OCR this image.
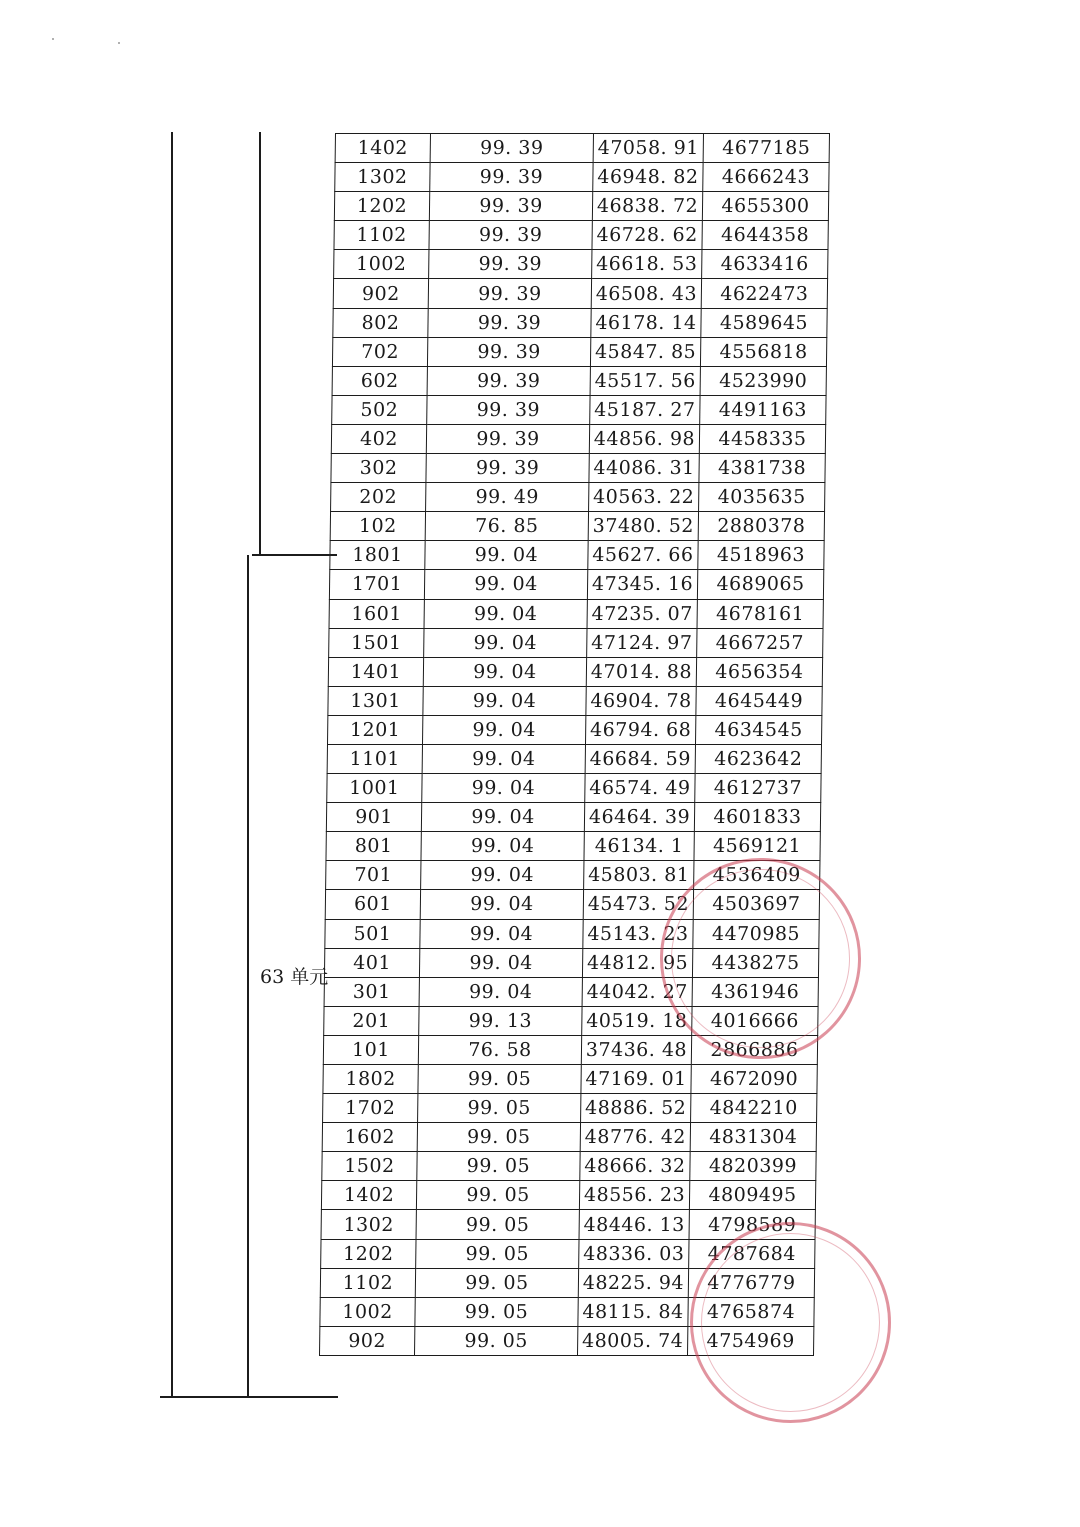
63 单元
1402	99. 39	47058. 91	4677185
1302	99. 39	46948. 82	4666243
1202	99. 39	46838. 72	4655300
1102	99. 39	46728. 62	4644358
1002	99. 39	46618. 53	4633416
902	99. 39	46508. 43	4622473
802	99. 39	46178. 14	4589645
702	99. 39	45847. 85	4556818
602	99. 39	45517. 56	4523990
502	99. 39	45187. 27	4491163
402	99. 39	44856. 98	4458335
302	99. 39	44086. 31	4381738
202	99. 49	40563. 22	4035635
102	76. 85	37480. 52	2880378
1801	99. 04	45627. 66	4518963
1701	99. 04	47345. 16	4689065
1601	99. 04	47235. 07	4678161
1501	99. 04	47124. 97	4667257
1401	99. 04	47014. 88	4656354
1301	99. 04	46904. 78	4645449
1201	99. 04	46794. 68	4634545
1101	99. 04	46684. 59	4623642
1001	99. 04	46574. 49	4612737
901	99. 04	46464. 39	4601833
801	99. 04	46134. 1	4569121
701	99. 04	45803. 81	4536409
601	99. 04	45473. 52	4503697
501	99. 04	45143. 23	4470985
401	99. 04	44812. 95	4438275
301	99. 04	44042. 27	4361946
201	99. 13	40519. 18	4016666
101	76. 58	37436. 48	2866886
1802	99. 05	47169. 01	4672090
1702	99. 05	48886. 52	4842210
1602	99. 05	48776. 42	4831304
1502	99. 05	48666. 32	4820399
1402	99. 05	48556. 23	4809495
1302	99. 05	48446. 13	4798589
1202	99. 05	48336. 03	4787684
1102	99. 05	48225. 94	4776779
1002	99. 05	48115. 84	4765874
902	99. 05	48005. 74	4754969
